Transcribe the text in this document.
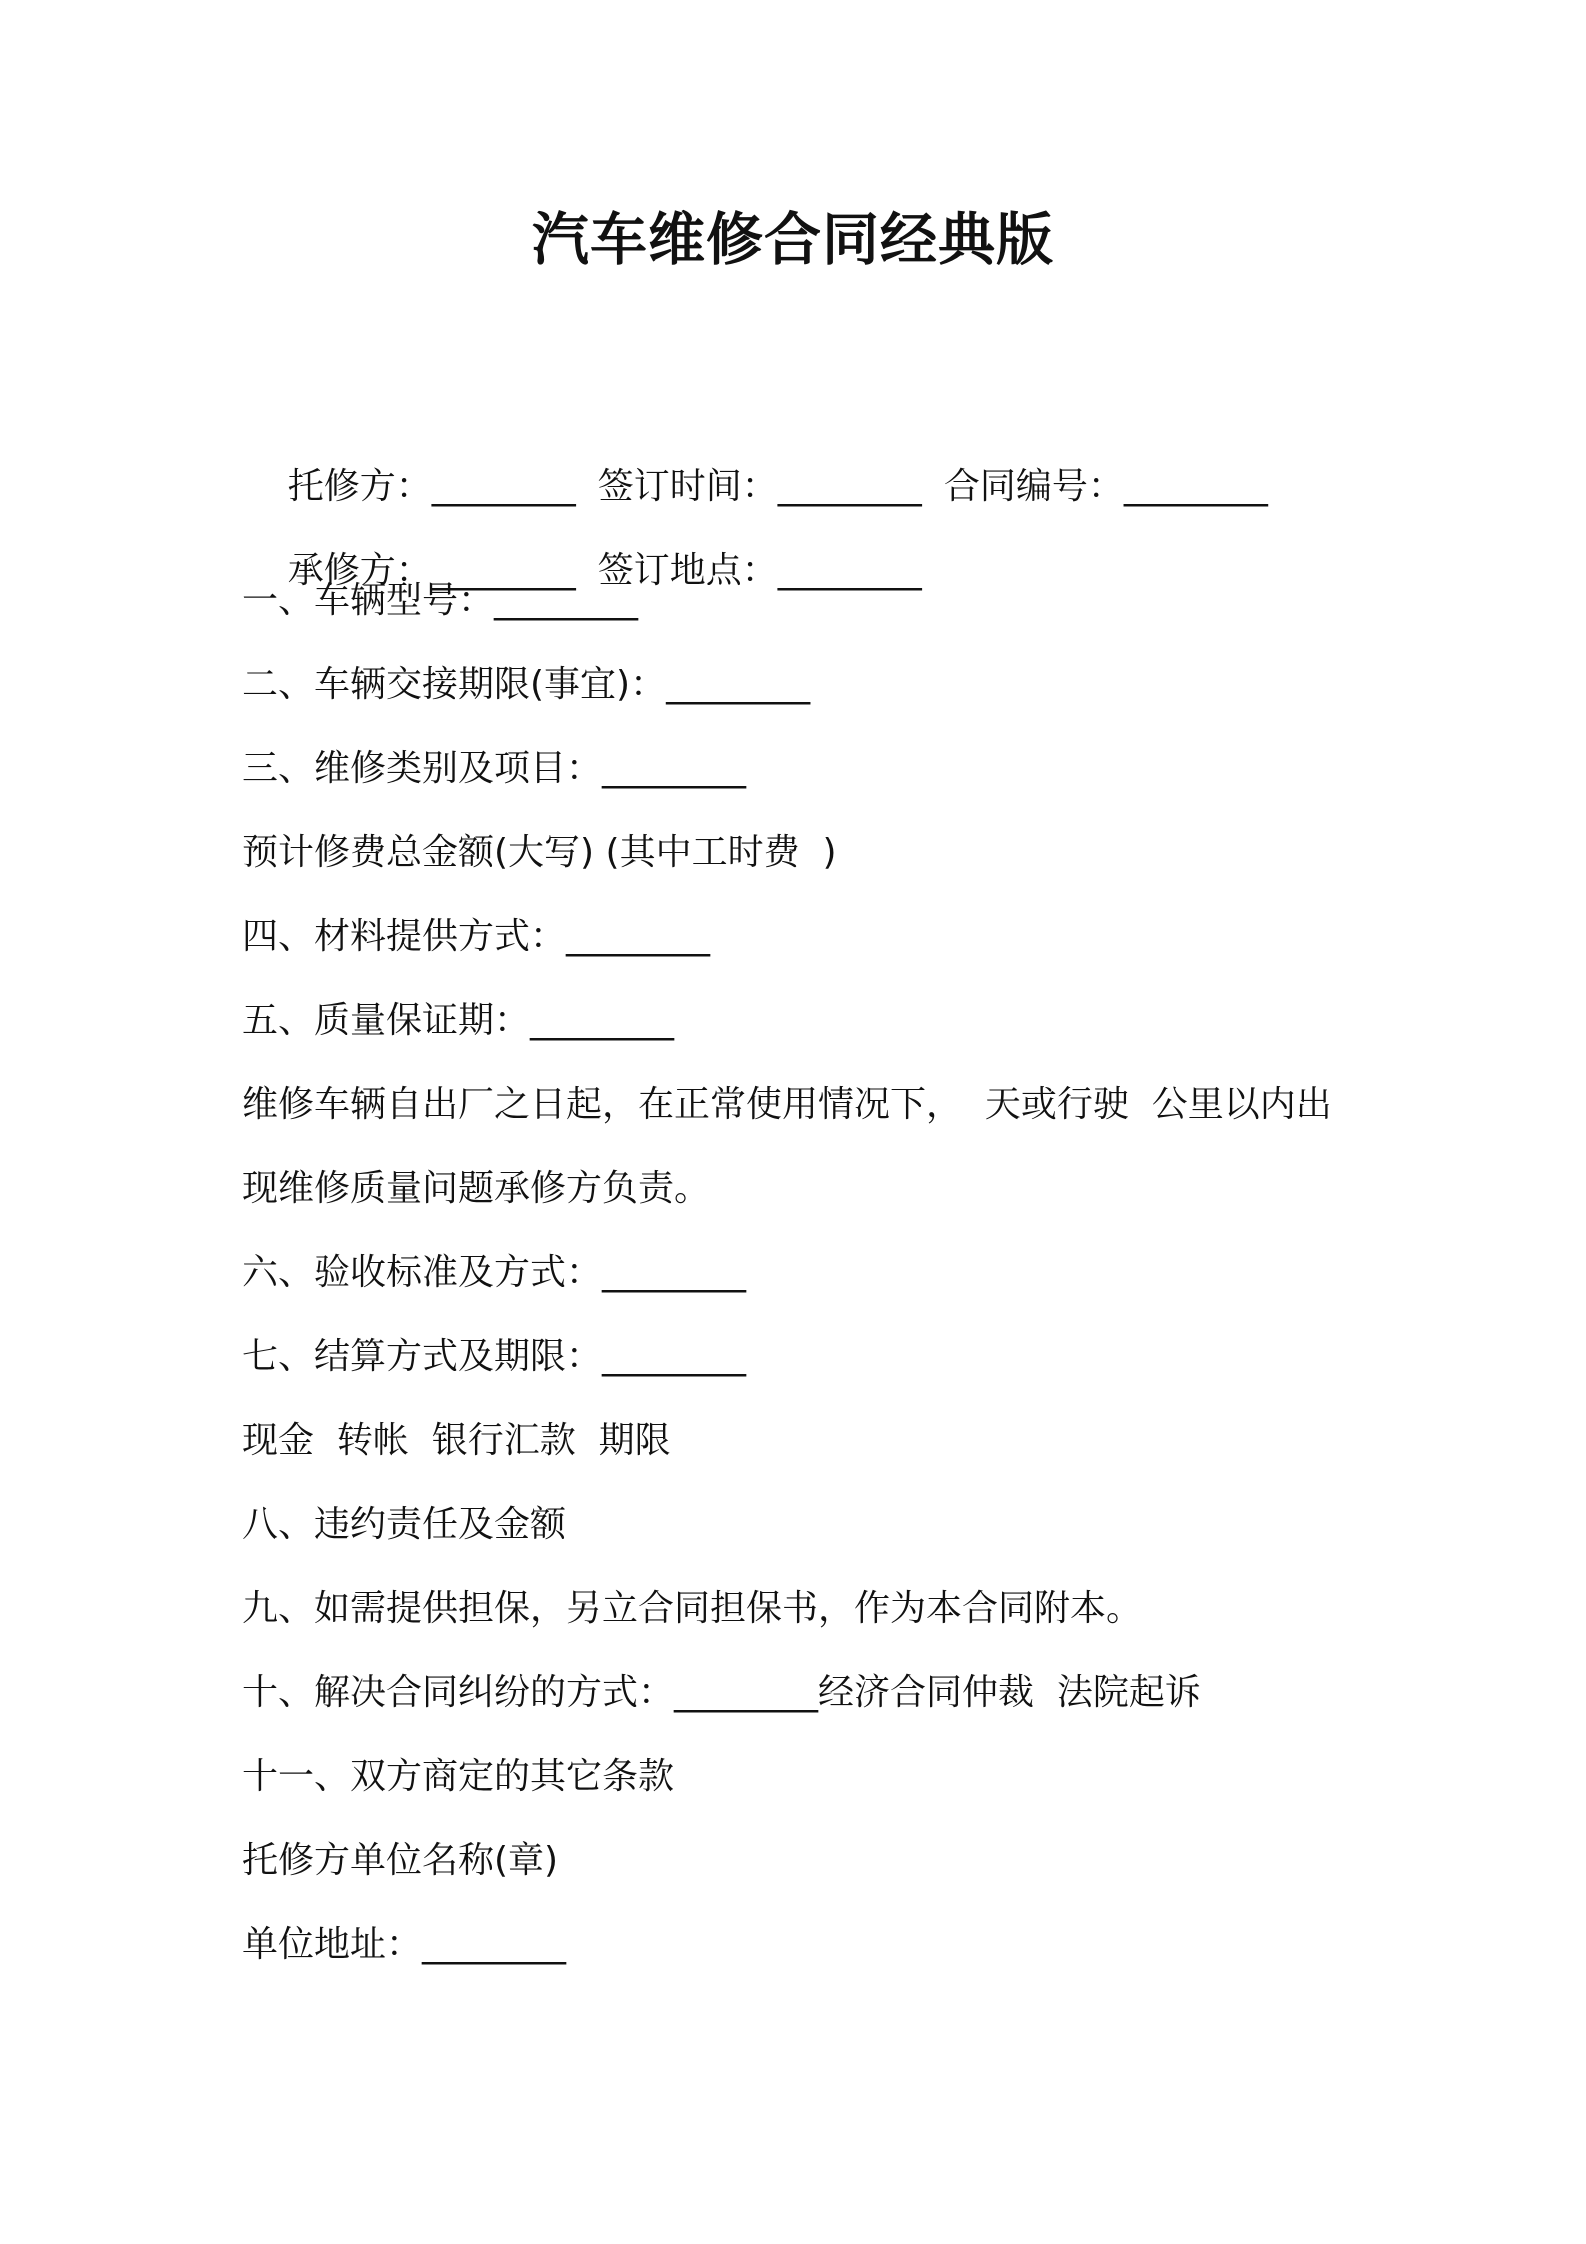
汽车维修合同经典版

托修方：________ 签订时间：________ 合同编号：________

承修方：________ 签订地点：________

一、车辆型号：________
二、车辆交接期限(事宜)：________
三、维修类别及项目：________
预计修费总金额(大写) (其中工时费  )
四、材料提供方式：________
五、质量保证期：________
维修车辆自出厂之日起，在正常使用情况下，  天或行驶  公里以内出
现维修质量问题承修方负责。
六、验收标准及方式：________
七、结算方式及期限：________
现金  转帐  银行汇款  期限
八、违约责任及金额
九、如需提供担保，另立合同担保书，作为本合同附本。
十、解决合同纠纷的方式：________经济合同仲裁  法院起诉
十一、双方商定的其它条款
托修方单位名称(章)
单位地址：________
